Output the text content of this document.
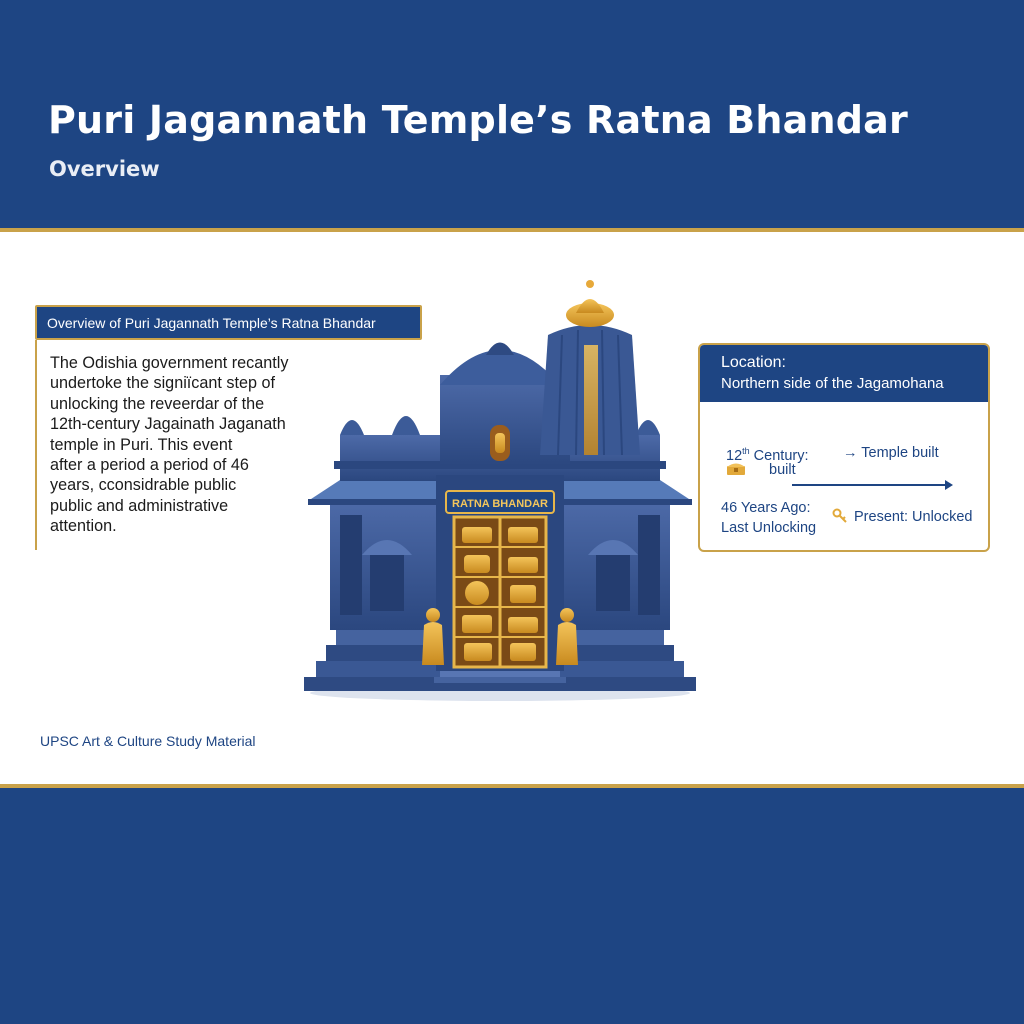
Puri Jagannath Temple’s Ratna Bhandar
Overview
Overview of Puri Jagannath Temple’s Ratna Bhandar
The Odishia government recantly
undertoke the signiїcant step of
unlocking the reveerdar of the
12th-century Jagainath Jaganath
temple in Puri. This event
after a period a period of 46
years, cconsidrable public
public and administrative
attention.
RATNA BHANDAR
Location:
Northern side of the Jagamohana
12th Century:
built
→ Temple built
46 Years Ago:
Last Unlocking
Present: Unlocked
UPSC Art & Culture Study Material
